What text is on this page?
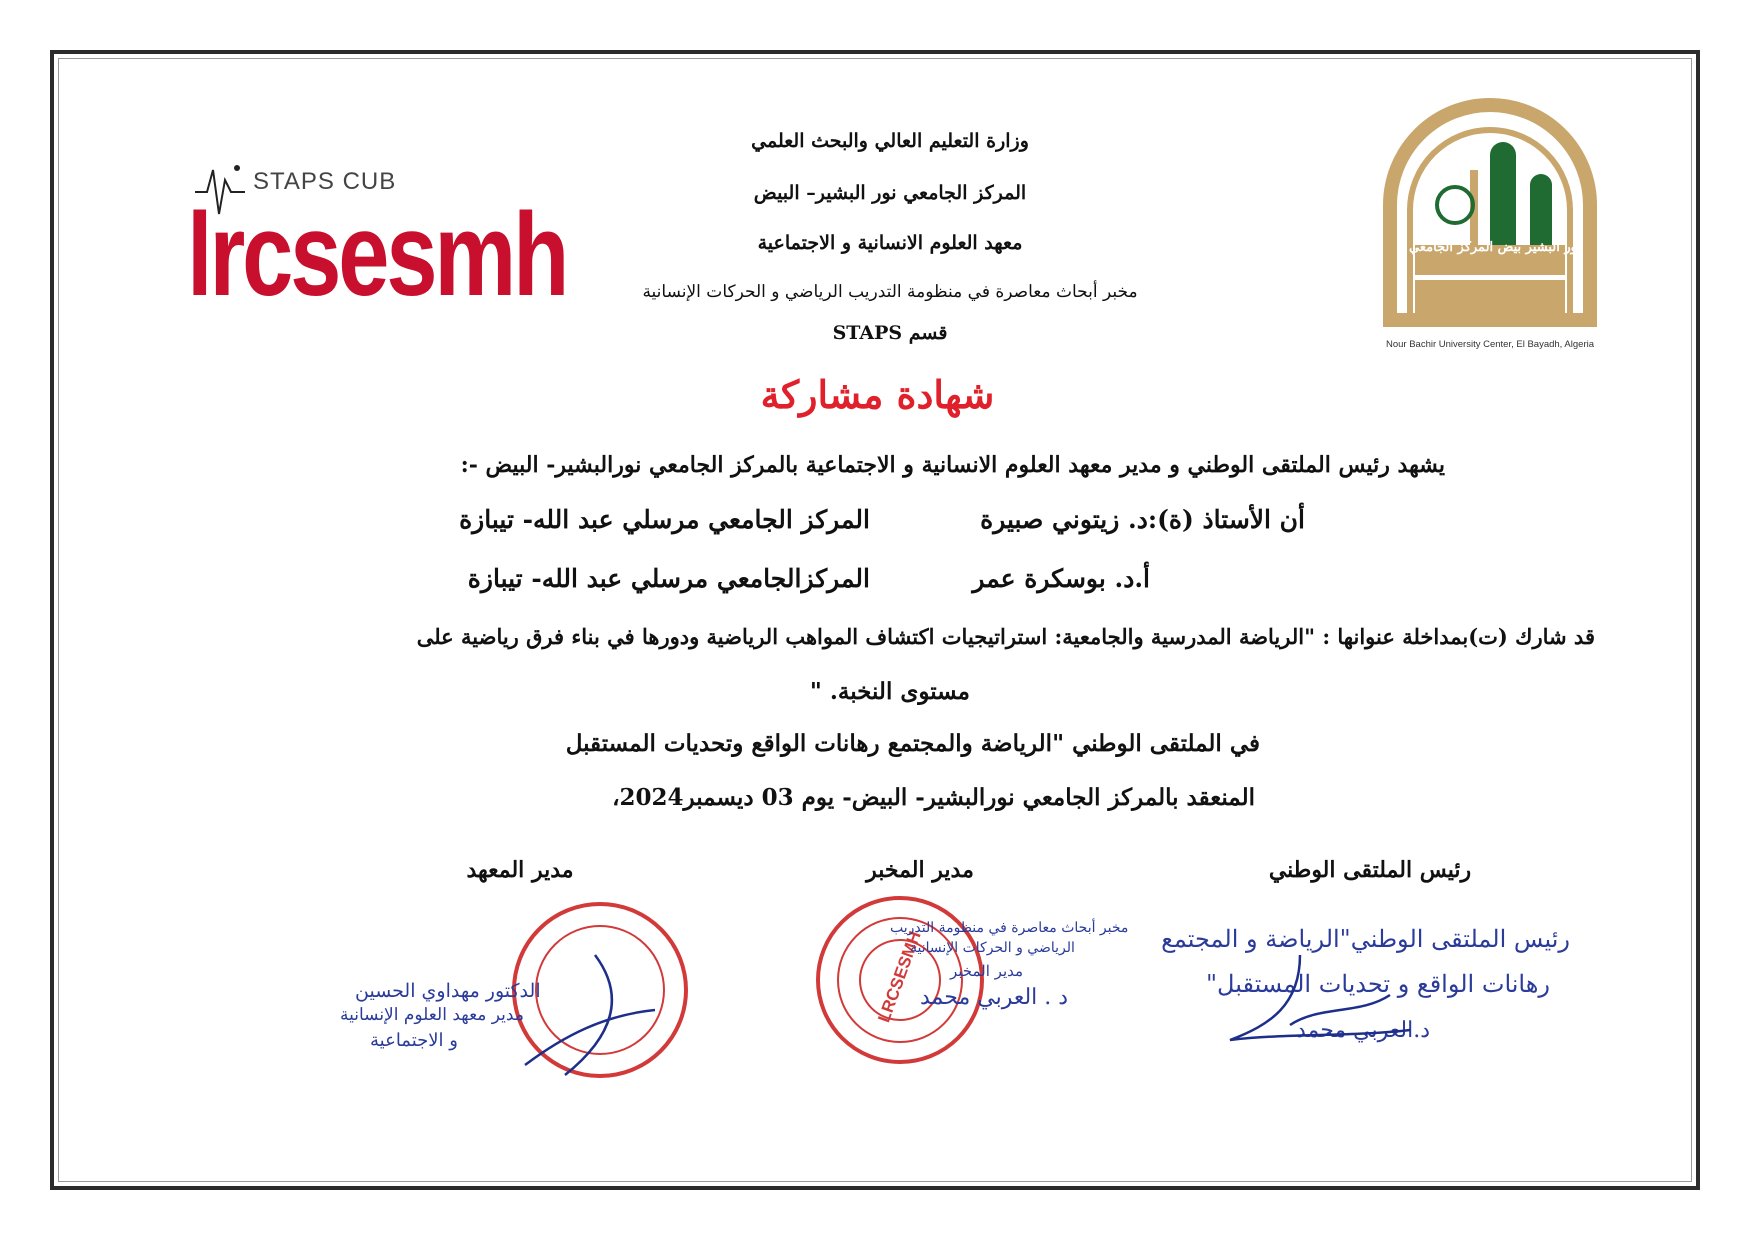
STAPS CUB
lrcsesmh	نور البشير بيض المركز الجامعي
Nour Bachir University Center, El Bayadh, Algeria
وزارة التعليم العالي والبحث العلمي
المركز الجامعي نور البشير– البيض
معهد العلوم الانسانية و الاجتماعية
مخبر أبحاث معاصرة في منظومة التدريب الرياضي و الحركات الإنسانية
قسم STAPS
شهادة مشاركة
يشهد رئيس الملتقى الوطني و مدير معهد العلوم الانسانية و الاجتماعية بالمركز الجامعي نورالبشير- البيض -:
أن الأستاذ (ة):د. زيتوني صبيرة
المركز الجامعي مرسلي عبد الله- تيبازة
أ.د. بوسكرة عمر
المركزالجامعي مرسلي عبد الله- تيبازة
قد شارك (ت)بمداخلة عنوانها : "الرياضة المدرسية والجامعية: استراتيجيات اكتشاف المواهب الرياضية ودورها في بناء فرق رياضية على
مستوى النخبة. "
في الملتقى الوطني "الرياضة والمجتمع رهانات الواقع وتحديات المستقبل
المنعقد بالمركز الجامعي نورالبشير- البيض- يوم 03 ديسمبر2024،
رئيس الملتقى الوطني
مدير المخبر
مدير المعهد
رئيس الملتقى الوطني"الرياضة و المجتمع
رهانات الواقع و تحديات المستقبل"
د.العربي محمد
LRCSESMH
مخبر أبحاث معاصرة في منظومة التدريب
الرياضي و الحركات الإنسانية
مدير المخبر
د . العربي محمد
الدكتور مهداوي الحسين
مدير معهد العلوم الإنسانية
و الاجتماعية
